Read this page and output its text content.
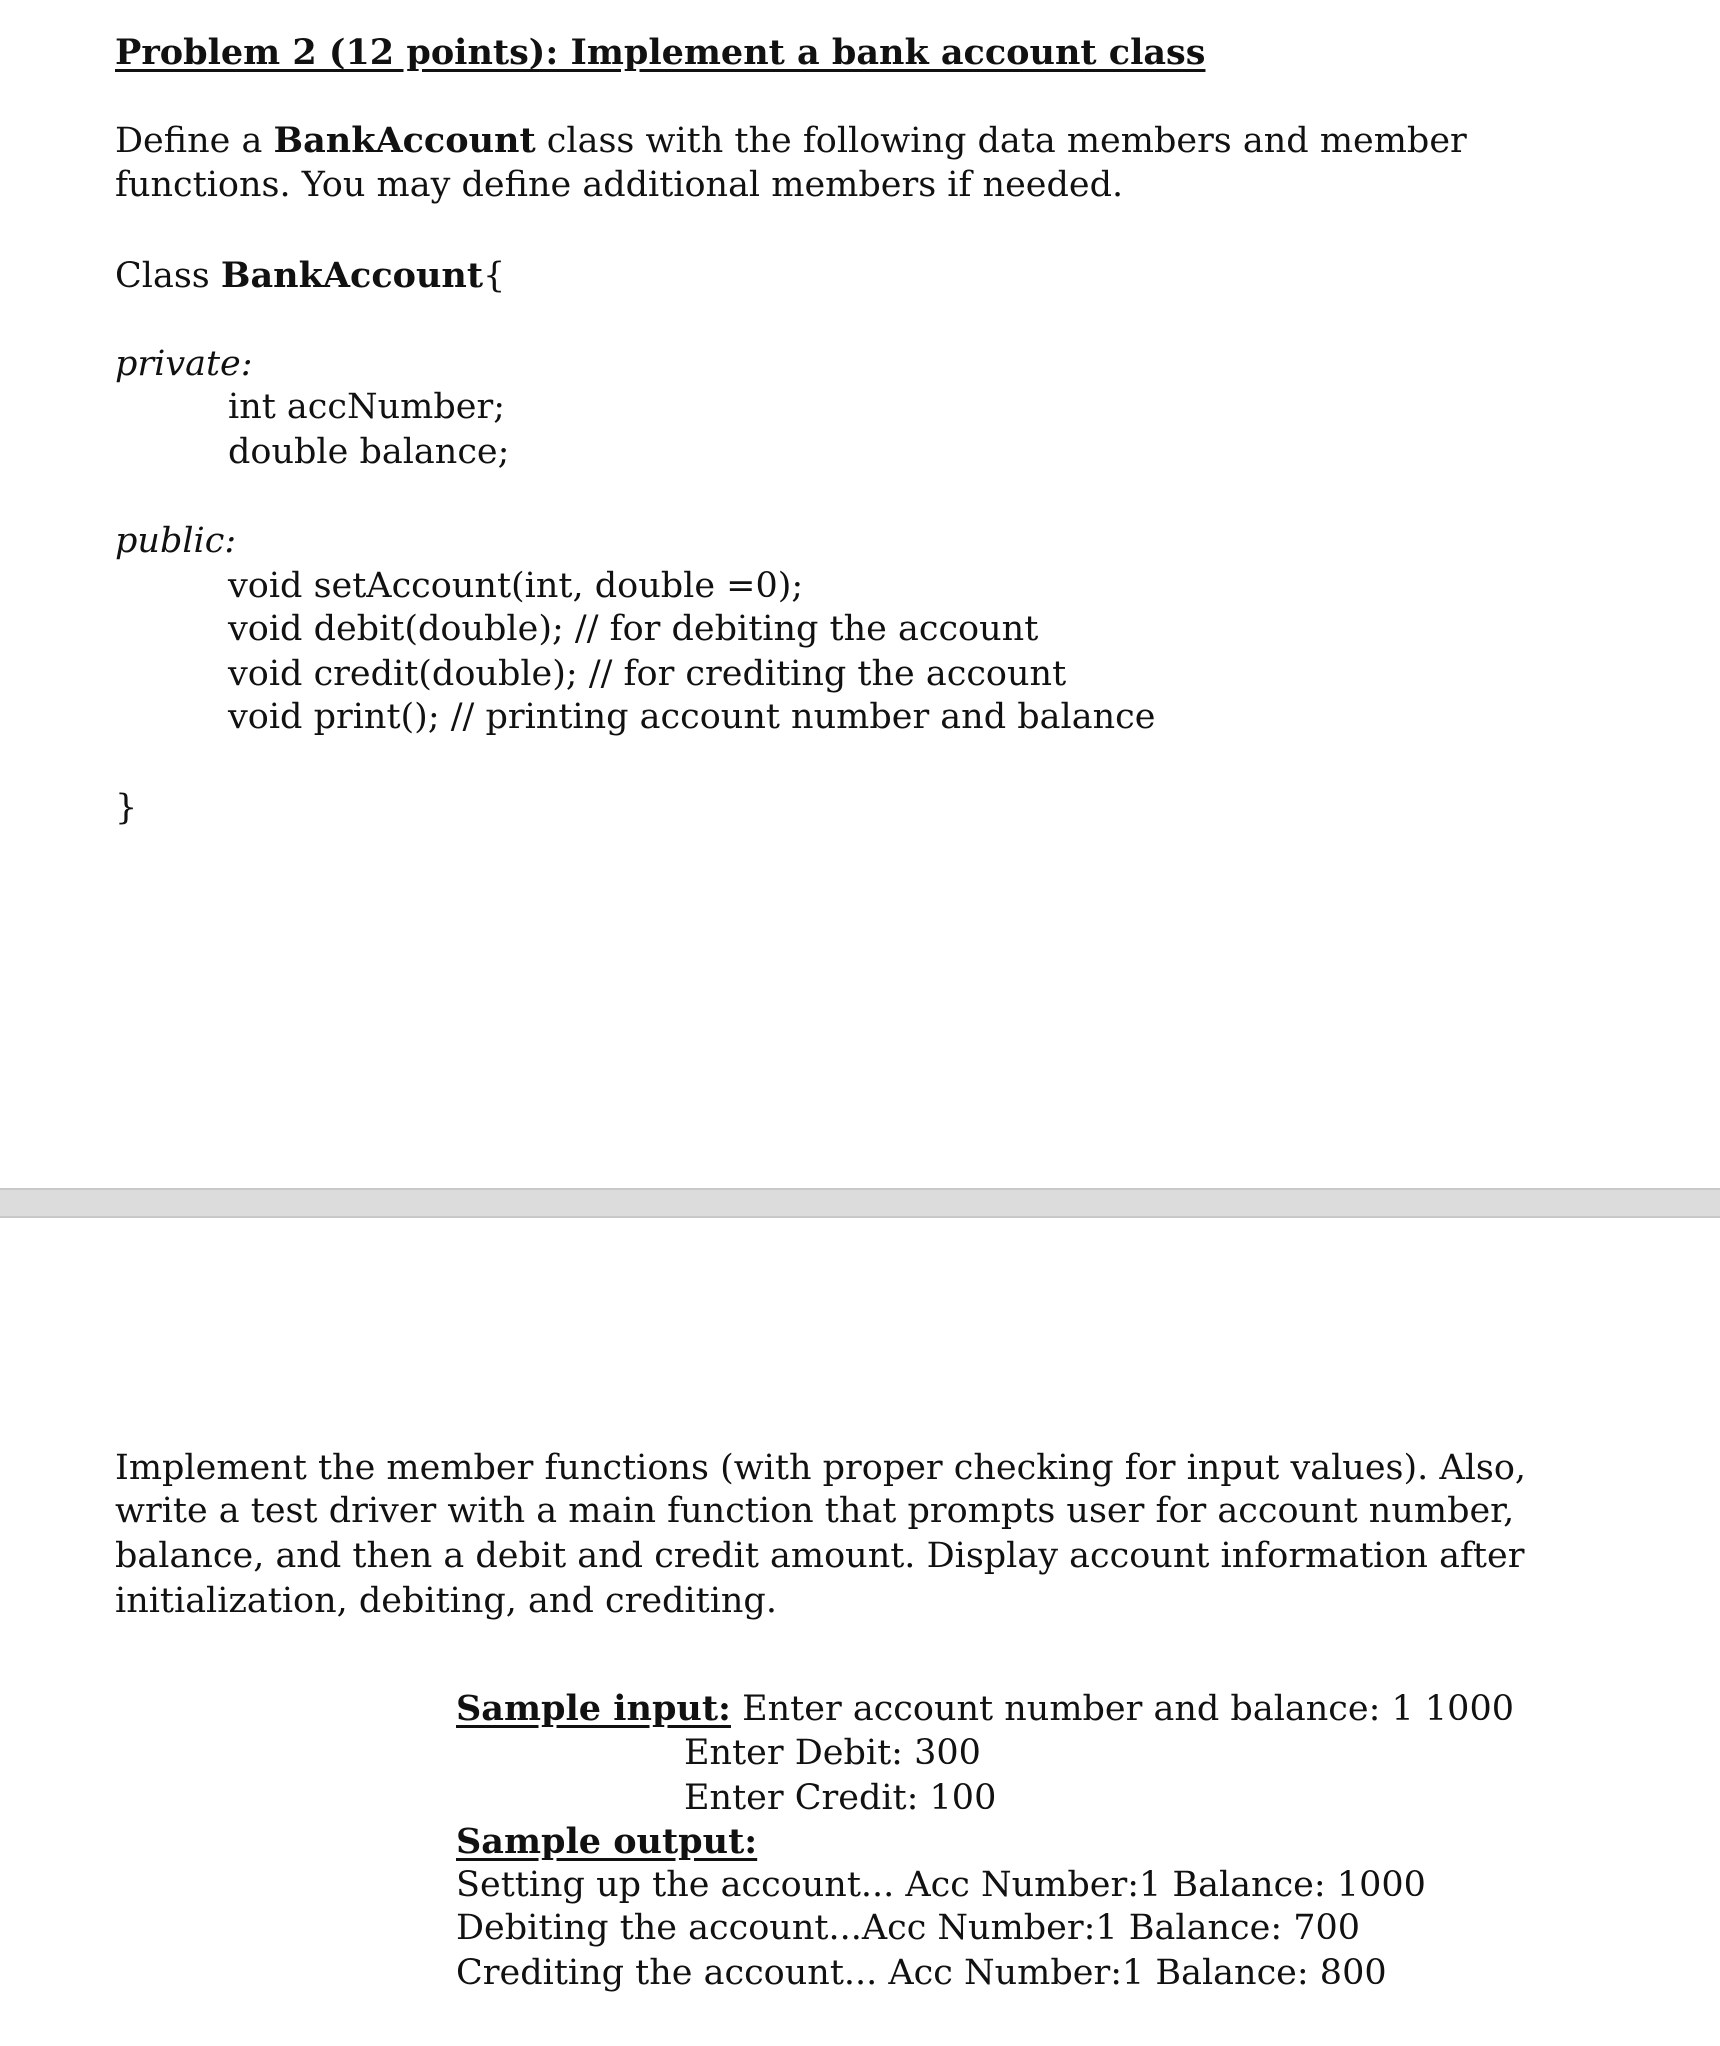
Problem 2 (12 points): Implement a bank account class
Define a BankAccount class with the following data members and member
functions. You may define additional members if needed.
Class BankAccount{
private:
int accNumber;
double balance;
public:
void setAccount(int, double =0);
void debit(double); // for debiting the account
void credit(double); // for crediting the account
void print(); // printing account number and balance
}
Implement the member functions (with proper checking for input values). Also,
write a test driver with a main function that prompts user for account number,
balance, and then a debit and credit amount. Display account information after
initialization, debiting, and crediting.
Sample input: Enter account number and balance: 1 1000
Enter Debit: 300
Enter Credit: 100
Sample output:
Setting up the account... Acc Number:1 Balance: 1000
Debiting the account...Acc Number:1 Balance: 700
Crediting the account... Acc Number:1 Balance: 800
